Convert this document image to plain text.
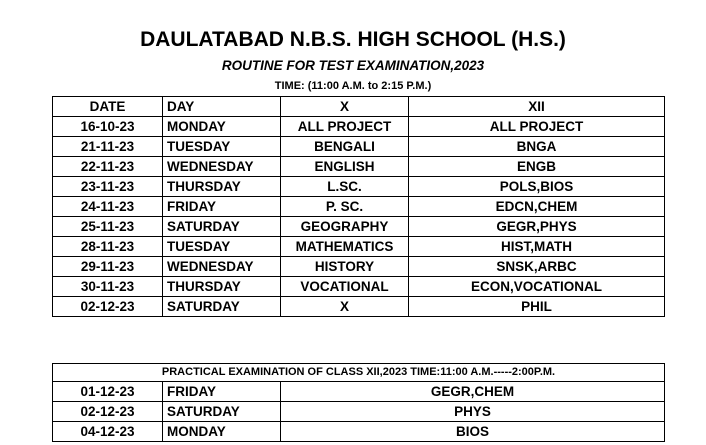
DAULATABAD N.B.S. HIGH SCHOOL (H.S.)
ROUTINE FOR TEST EXAMINATION,2023
TIME: (11:00 A.M. to 2:15 P.M.)
DATE	DAY	X	XII
16-10-23	MONDAY	ALL PROJECT	ALL PROJECT
21-11-23	TUESDAY	BENGALI	BNGA
22-11-23	WEDNESDAY	ENGLISH	ENGB
23-11-23	THURSDAY	L.SC.	POLS,BIOS
24-11-23	FRIDAY	P. SC.	EDCN,CHEM
25-11-23	SATURDAY	GEOGRAPHY	GEGR,PHYS
28-11-23	TUESDAY	MATHEMATICS	HIST,MATH
29-11-23	WEDNESDAY	HISTORY	SNSK,ARBC
30-11-23	THURSDAY	VOCATIONAL	ECON,VOCATIONAL
02-12-23	SATURDAY	X	PHIL
PRACTICAL EXAMINATION OF CLASS XII,2023 TIME:11:00 A.M.-----2:00P.M.		
01-12-23	FRIDAY	GEGR,CHEM
02-12-23	SATURDAY	PHYS
04-12-23	MONDAY	BIOS
